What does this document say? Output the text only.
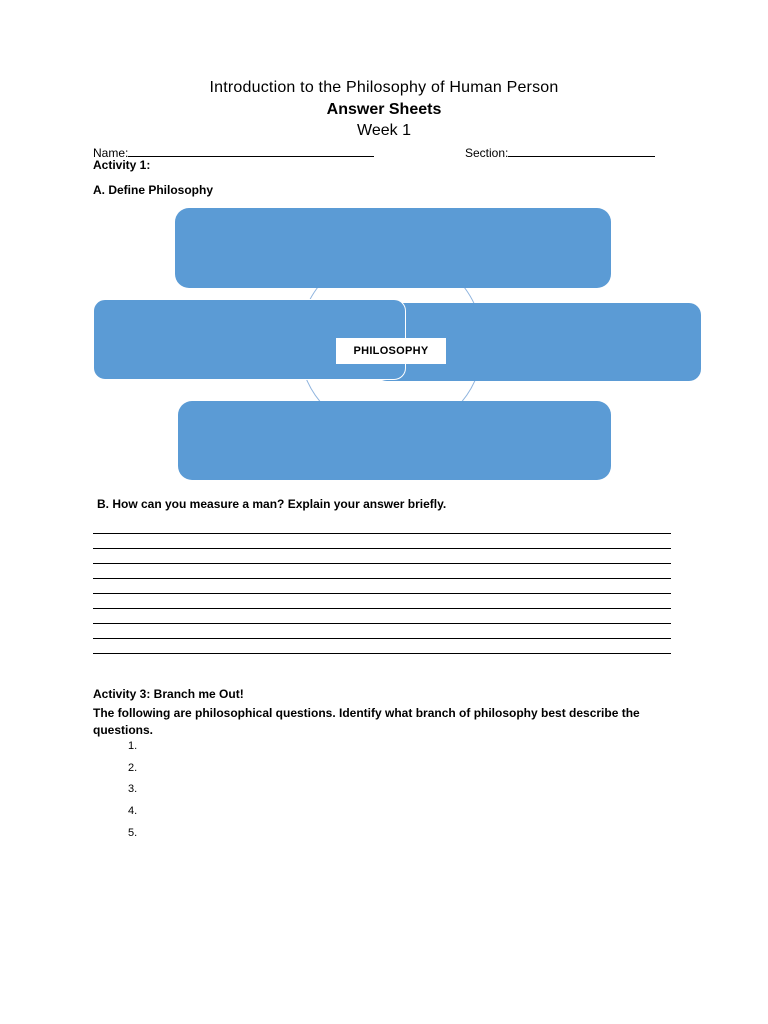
Introduction to the Philosophy of Human Person
Answer Sheets
Week 1
Name:	Section:
Activity 1:
A. Define Philosophy
PHILOSOPHY
B. How can you measure a man? Explain your answer briefly.
Activity 3: Branch me Out!
The following are philosophical questions. Identify what branch of philosophy best describe the questions.
1.
2.
3.
4.
5.
